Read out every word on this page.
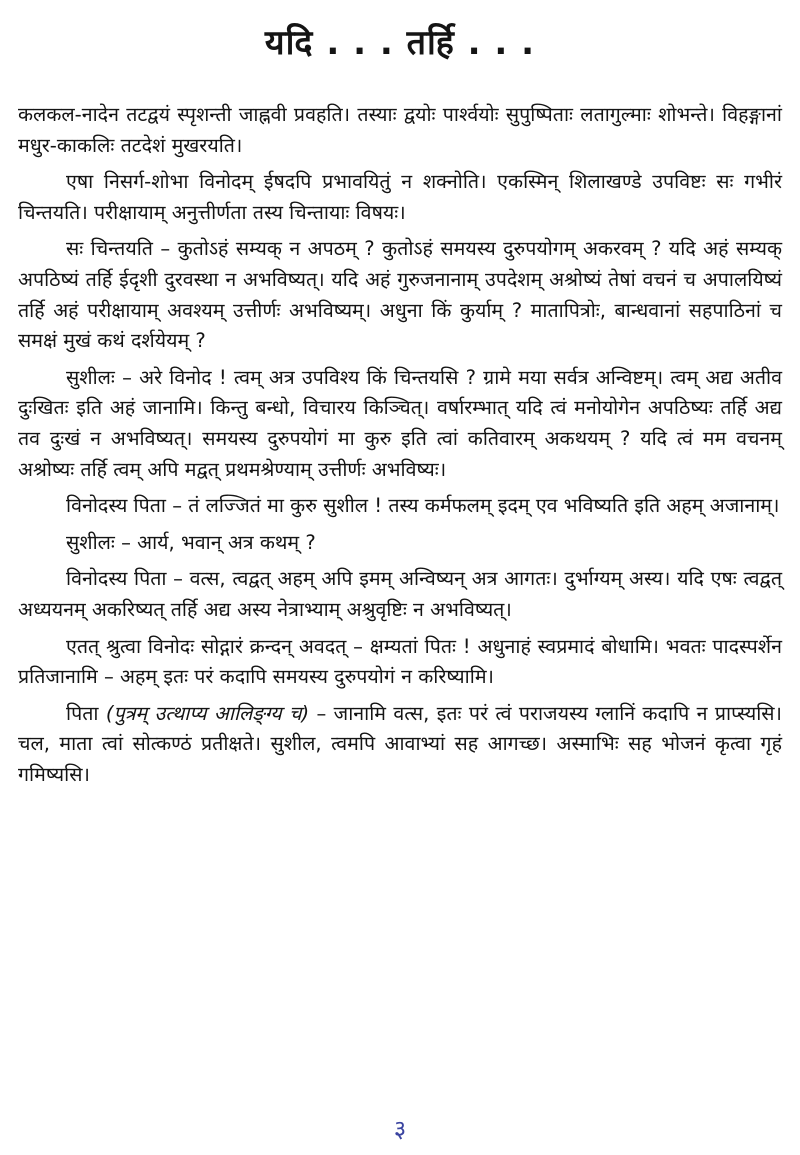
यदि . . . तर्हि . . .

कलकल-नादेन तटद्वयं स्पृशन्ती जाह्नवी प्रवहति। तस्याः द्वयोः पार्श्वयोः सुपुष्पिताः लतागुल्माः शोभन्ते। विहङ्गानां मधुर-काकलिः तटदेशं मुखरयति।

एषा निसर्ग-शोभा विनोदम् ईषदपि प्रभावयितुं न शक्नोति। एकस्मिन् शिलाखण्डे उपविष्टः सः गभीरं चिन्तयति। परीक्षायाम् अनुत्तीर्णता तस्य चिन्तायाः विषयः।

सः चिन्तयति – कुतोऽहं सम्यक् न अपठम् ? कुतोऽहं समयस्य दुरुपयोगम् अकरवम् ? यदि अहं सम्यक् अपठिष्यं तर्हि ईदृशी दुरवस्था न अभविष्यत्। यदि अहं गुरुजनानाम् उपदेशम् अश्रोष्यं तेषां वचनं च अपालयिष्यं तर्हि अहं परीक्षायाम् अवश्यम् उत्तीर्णः अभविष्यम्। अधुना किं कुर्याम् ? मातापित्रोः, बान्धवानां सहपाठिनां च समक्षं मुखं कथं दर्शयेयम् ?

सुशीलः – अरे विनोद ! त्वम् अत्र उपविश्य किं चिन्तयसि ? ग्रामे मया सर्वत्र अन्विष्टम्। त्वम् अद्य अतीव दुःखितः इति अहं जानामि। किन्तु बन्धो, विचारय किञ्चित्। वर्षारम्भात् यदि त्वं मनोयोगेन अपठिष्यः तर्हि अद्य तव दुःखं न अभविष्यत्। समयस्य दुरुपयोगं मा कुरु इति त्वां कतिवारम् अकथयम् ? यदि त्वं मम वचनम् अश्रोष्यः तर्हि त्वम् अपि मद्वत् प्रथमश्रेण्याम् उत्तीर्णः अभविष्यः।

विनोदस्य पिता – तं लज्जितं मा कुरु सुशील ! तस्य कर्मफलम् इदम् एव भविष्यति इति अहम् अजानाम्।

सुशीलः – आर्य, भवान् अत्र कथम् ?

विनोदस्य पिता – वत्स, त्वद्वत् अहम् अपि इमम् अन्विष्यन् अत्र आगतः। दुर्भाग्यम् अस्य। यदि एषः त्वद्वत् अध्ययनम् अकरिष्यत् तर्हि अद्य अस्य नेत्राभ्याम् अश्रुवृष्टिः न अभविष्यत्।

एतत् श्रुत्वा विनोदः सोद्गारं क्रन्दन् अवदत् – क्षम्यतां पितः ! अधुनाहं स्वप्रमादं बोधामि। भवतः पादस्पर्शेन प्रतिजानामि – अहम् इतः परं कदापि समयस्य दुरुपयोगं न करिष्यामि।

पिता (पुत्रम् उत्थाप्य आलिङ्ग्य च) – जानामि वत्स, इतः परं त्वं पराजयस्य ग्लानिं कदापि न प्राप्स्यसि। चल, माता त्वां सोत्कण्ठं प्रतीक्षते। सुशील, त्वमपि आवाभ्यां सह आगच्छ। अस्माभिः सह भोजनं कृत्वा गृहं गमिष्यसि।

३
